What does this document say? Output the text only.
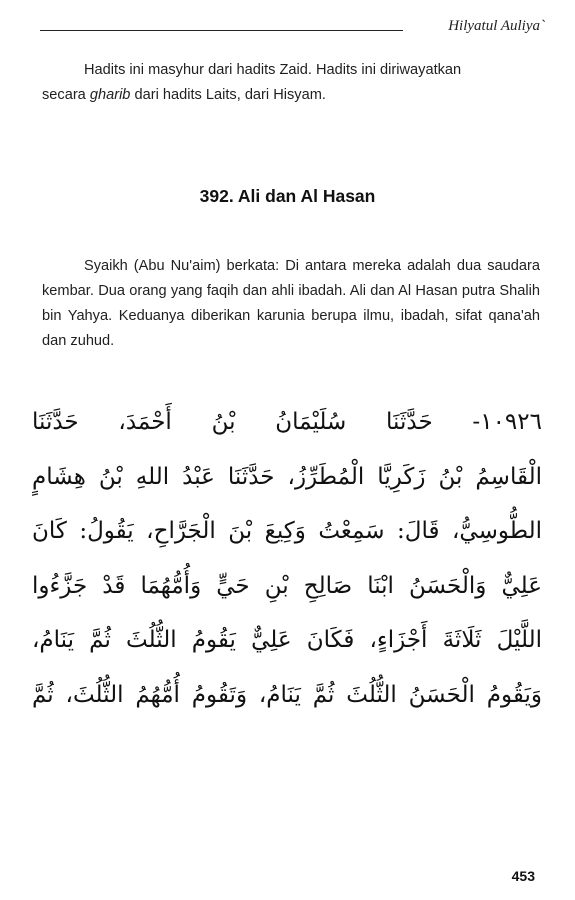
Hilyatul Auliya`

Hadits ini masyhur dari hadits Zaid. Hadits ini diriwayatkan

secara gharib dari hadits Laits, dari Hisyam.
392. Ali dan Al Hasan

Syaikh (Abu Nu'aim) berkata: Di antara mereka adalah dua saudara kembar. Dua orang yang faqih dan ahli ibadah. Ali dan Al Hasan putra Shalih bin Yahya. Keduanya diberikan karunia berupa ilmu, ibadah, sifat qana'ah dan zuhud.

١٠٩٢٦- حَدَّثَنَا سُلَيْمَانُ بْنُ أَحْمَدَ، حَدَّثَنَا
الْقَاسِمُ بْنُ زَكَرِيَّا الْمُطَرِّزُ، حَدَّثَنَا عَبْدُ اللهِ بْنُ هِشَامٍ
الطُّوسِيُّ، قَالَ: سَمِعْتُ وَكِيعَ بْنَ الْجَرَّاحِ، يَقُولُ: كَانَ
عَلِيٌّ وَالْحَسَنُ ابْنَا صَالِحِ بْنِ حَيٍّ وَأُمُّهُمَا قَدْ جَزَّءُوا
اللَّيْلَ ثَلَاثَةَ أَجْزَاءٍ، فَكَانَ عَلِيٌّ يَقُومُ الثُّلُثَ ثُمَّ يَنَامُ،
وَيَقُومُ الْحَسَنُ الثُّلُثَ ثُمَّ يَنَامُ، وَتَقُومُ أُمُّهُمُ الثُّلُثَ، ثُمَّ
453
